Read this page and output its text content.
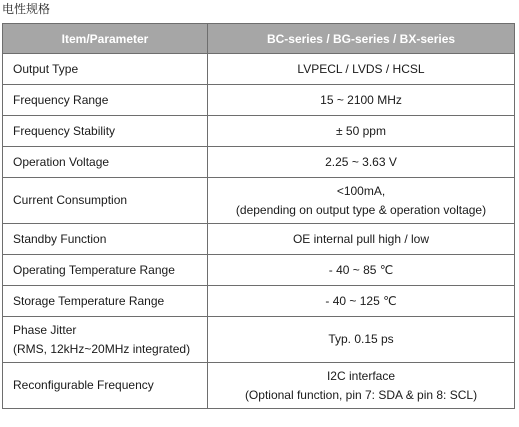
电性规格
Item/Parameter	BC-series / BG-series / BX-series
Output Type	LVPECL / LVDS / HCSL
Frequency Range	15 ~ 2100 MHz
Frequency Stability	± 50 ppm
Operation Voltage	2.25 ~ 3.63 V
Current Consumption	<100mA,
(depending on output type & operation voltage)

Standby Function	OE internal pull high / low
Operating Temperature Range	- 40 ~ 85 ℃
Storage Temperature Range	- 40 ~ 125 ℃

Phase Jitter
(RMS, 12kHz~20MHz integrated)	Typ. 0.15 ps
Reconfigurable Frequency	I2C interface
(Optional function, pin 7: SDA & pin 8: SCL)
